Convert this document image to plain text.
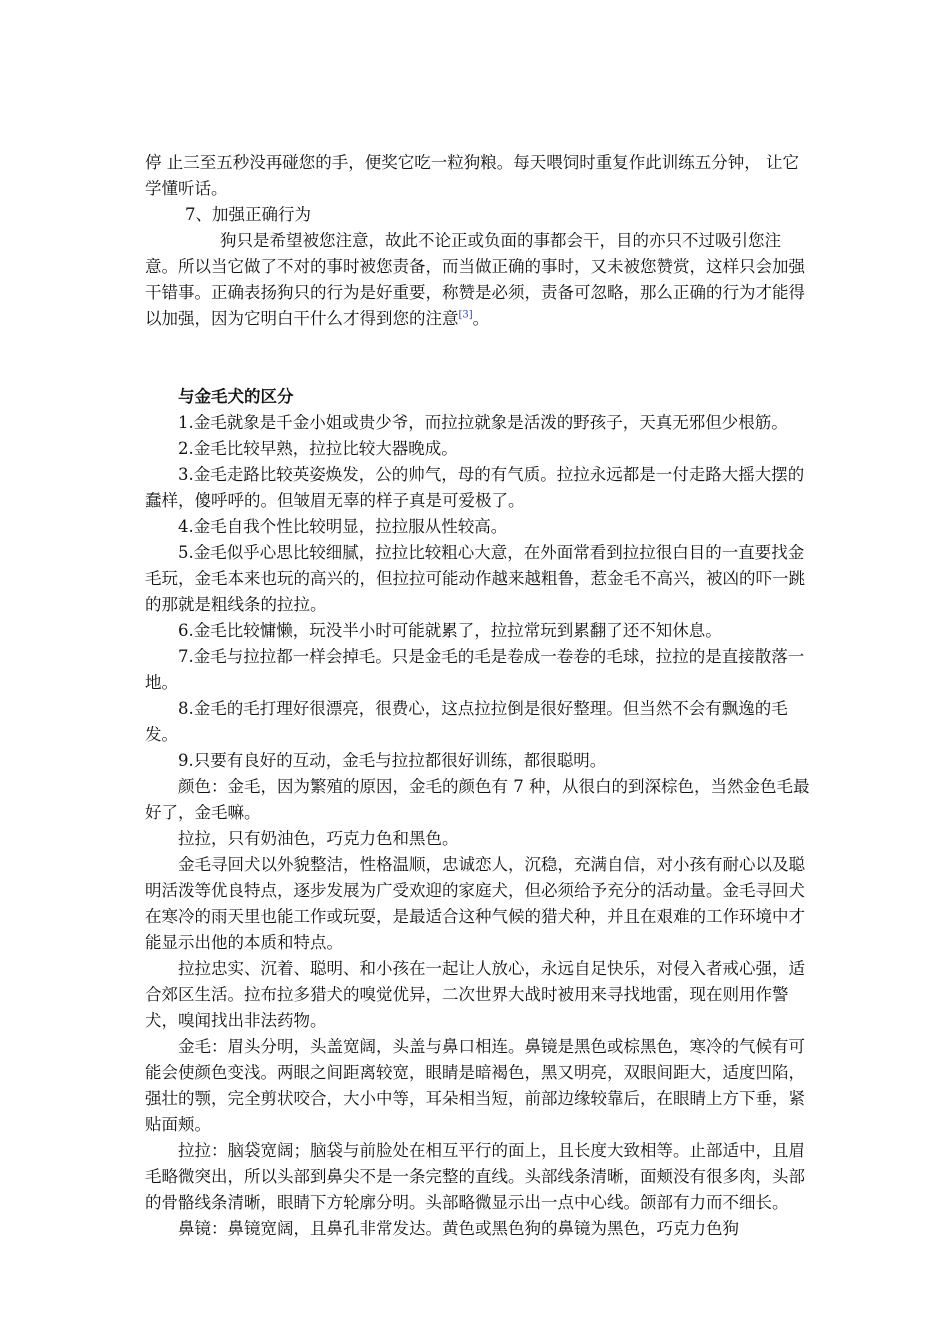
停 止三至五秒没再碰您的手，便奖它吃一粒狗粮。每天喂饲时重复作此训练五分钟， 让它学懂听话。

7、加强正确行为

狗只是希望被您注意，故此不论正或负面的事都会干，目的亦只不过吸引您注意。所以当它做了不对的事时被您责备，而当做正确的事时，又未被您赞赏，这样只会加强干错事。正确表扬狗只的行为是好重要，称赞是必须，责备可忽略，那么正确的行为才能得以加强，因为它明白干什么才得到您的注意[3]。

与金毛犬的区分

1.金毛就象是千金小姐或贵少爷，而拉拉就象是活泼的野孩子，天真无邪但少根筋。

2.金毛比较早熟，拉拉比较大器晚成。

3.金毛走路比较英姿焕发，公的帅气，母的有气质。拉拉永远都是一付走路大摇大摆的蠢样，傻呼呼的。但皱眉无辜的样子真是可爱极了。

4.金毛自我个性比较明显，拉拉服从性较高。

5.金毛似乎心思比较细腻，拉拉比较粗心大意，在外面常看到拉拉很白目的一直要找金毛玩，金毛本来也玩的高兴的，但拉拉可能动作越来越粗鲁，惹金毛不高兴，被凶的吓一跳的那就是粗线条的拉拉。

6.金毛比较慵懒，玩没半小时可能就累了，拉拉常玩到累翻了还不知休息。

7.金毛与拉拉都一样会掉毛。只是金毛的毛是卷成一卷卷的毛球，拉拉的是直接散落一地。

8.金毛的毛打理好很漂亮，很费心，这点拉拉倒是很好整理。但当然不会有飘逸的毛发。

9.只要有良好的互动，金毛与拉拉都很好训练，都很聪明。

颜色：金毛，因为繁殖的原因，金毛的颜色有 7 种，从很白的到深棕色，当然金色毛最好了，金毛嘛。

拉拉，只有奶油色，巧克力色和黑色。

金毛寻回犬以外貌整洁，性格温顺，忠诚恋人，沉稳，充满自信，对小孩有耐心以及聪明活泼等优良特点，逐步发展为广受欢迎的家庭犬，但必须给予充分的活动量。金毛寻回犬在寒冷的雨天里也能工作或玩耍，是最适合这种气候的猎犬种，并且在艰难的工作环境中才能显示出他的本质和特点。

拉拉忠实、沉着、聪明、和小孩在一起让人放心，永远自足快乐，对侵入者戒心强，适合郊区生活。拉布拉多猎犬的嗅觉优异，二次世界大战时被用来寻找地雷，现在则用作警犬，嗅闻找出非法药物。

金毛：眉头分明，头盖宽阔，头盖与鼻口相连。鼻镜是黑色或棕黑色，寒冷的气候有可能会使颜色变浅。两眼之间距离较宽，眼睛是暗褐色，黑又明亮，双眼间距大，适度凹陷，强壮的颚，完全剪状咬合，大小中等，耳朵相当短，前部边缘较靠后，在眼睛上方下垂，紧贴面颊。

拉拉：脑袋宽阔；脑袋与前脸处在相互平行的面上，且长度大致相等。止部适中，且眉毛略微突出，所以头部到鼻尖不是一条完整的直线。头部线条清晰，面颊没有很多肉，头部的骨骼线条清晰，眼睛下方轮廓分明。头部略微显示出一点中心线。颌部有力而不细长。

鼻镜：鼻镜宽阔，且鼻孔非常发达。黄色或黑色狗的鼻镜为黑色，巧克力色狗
